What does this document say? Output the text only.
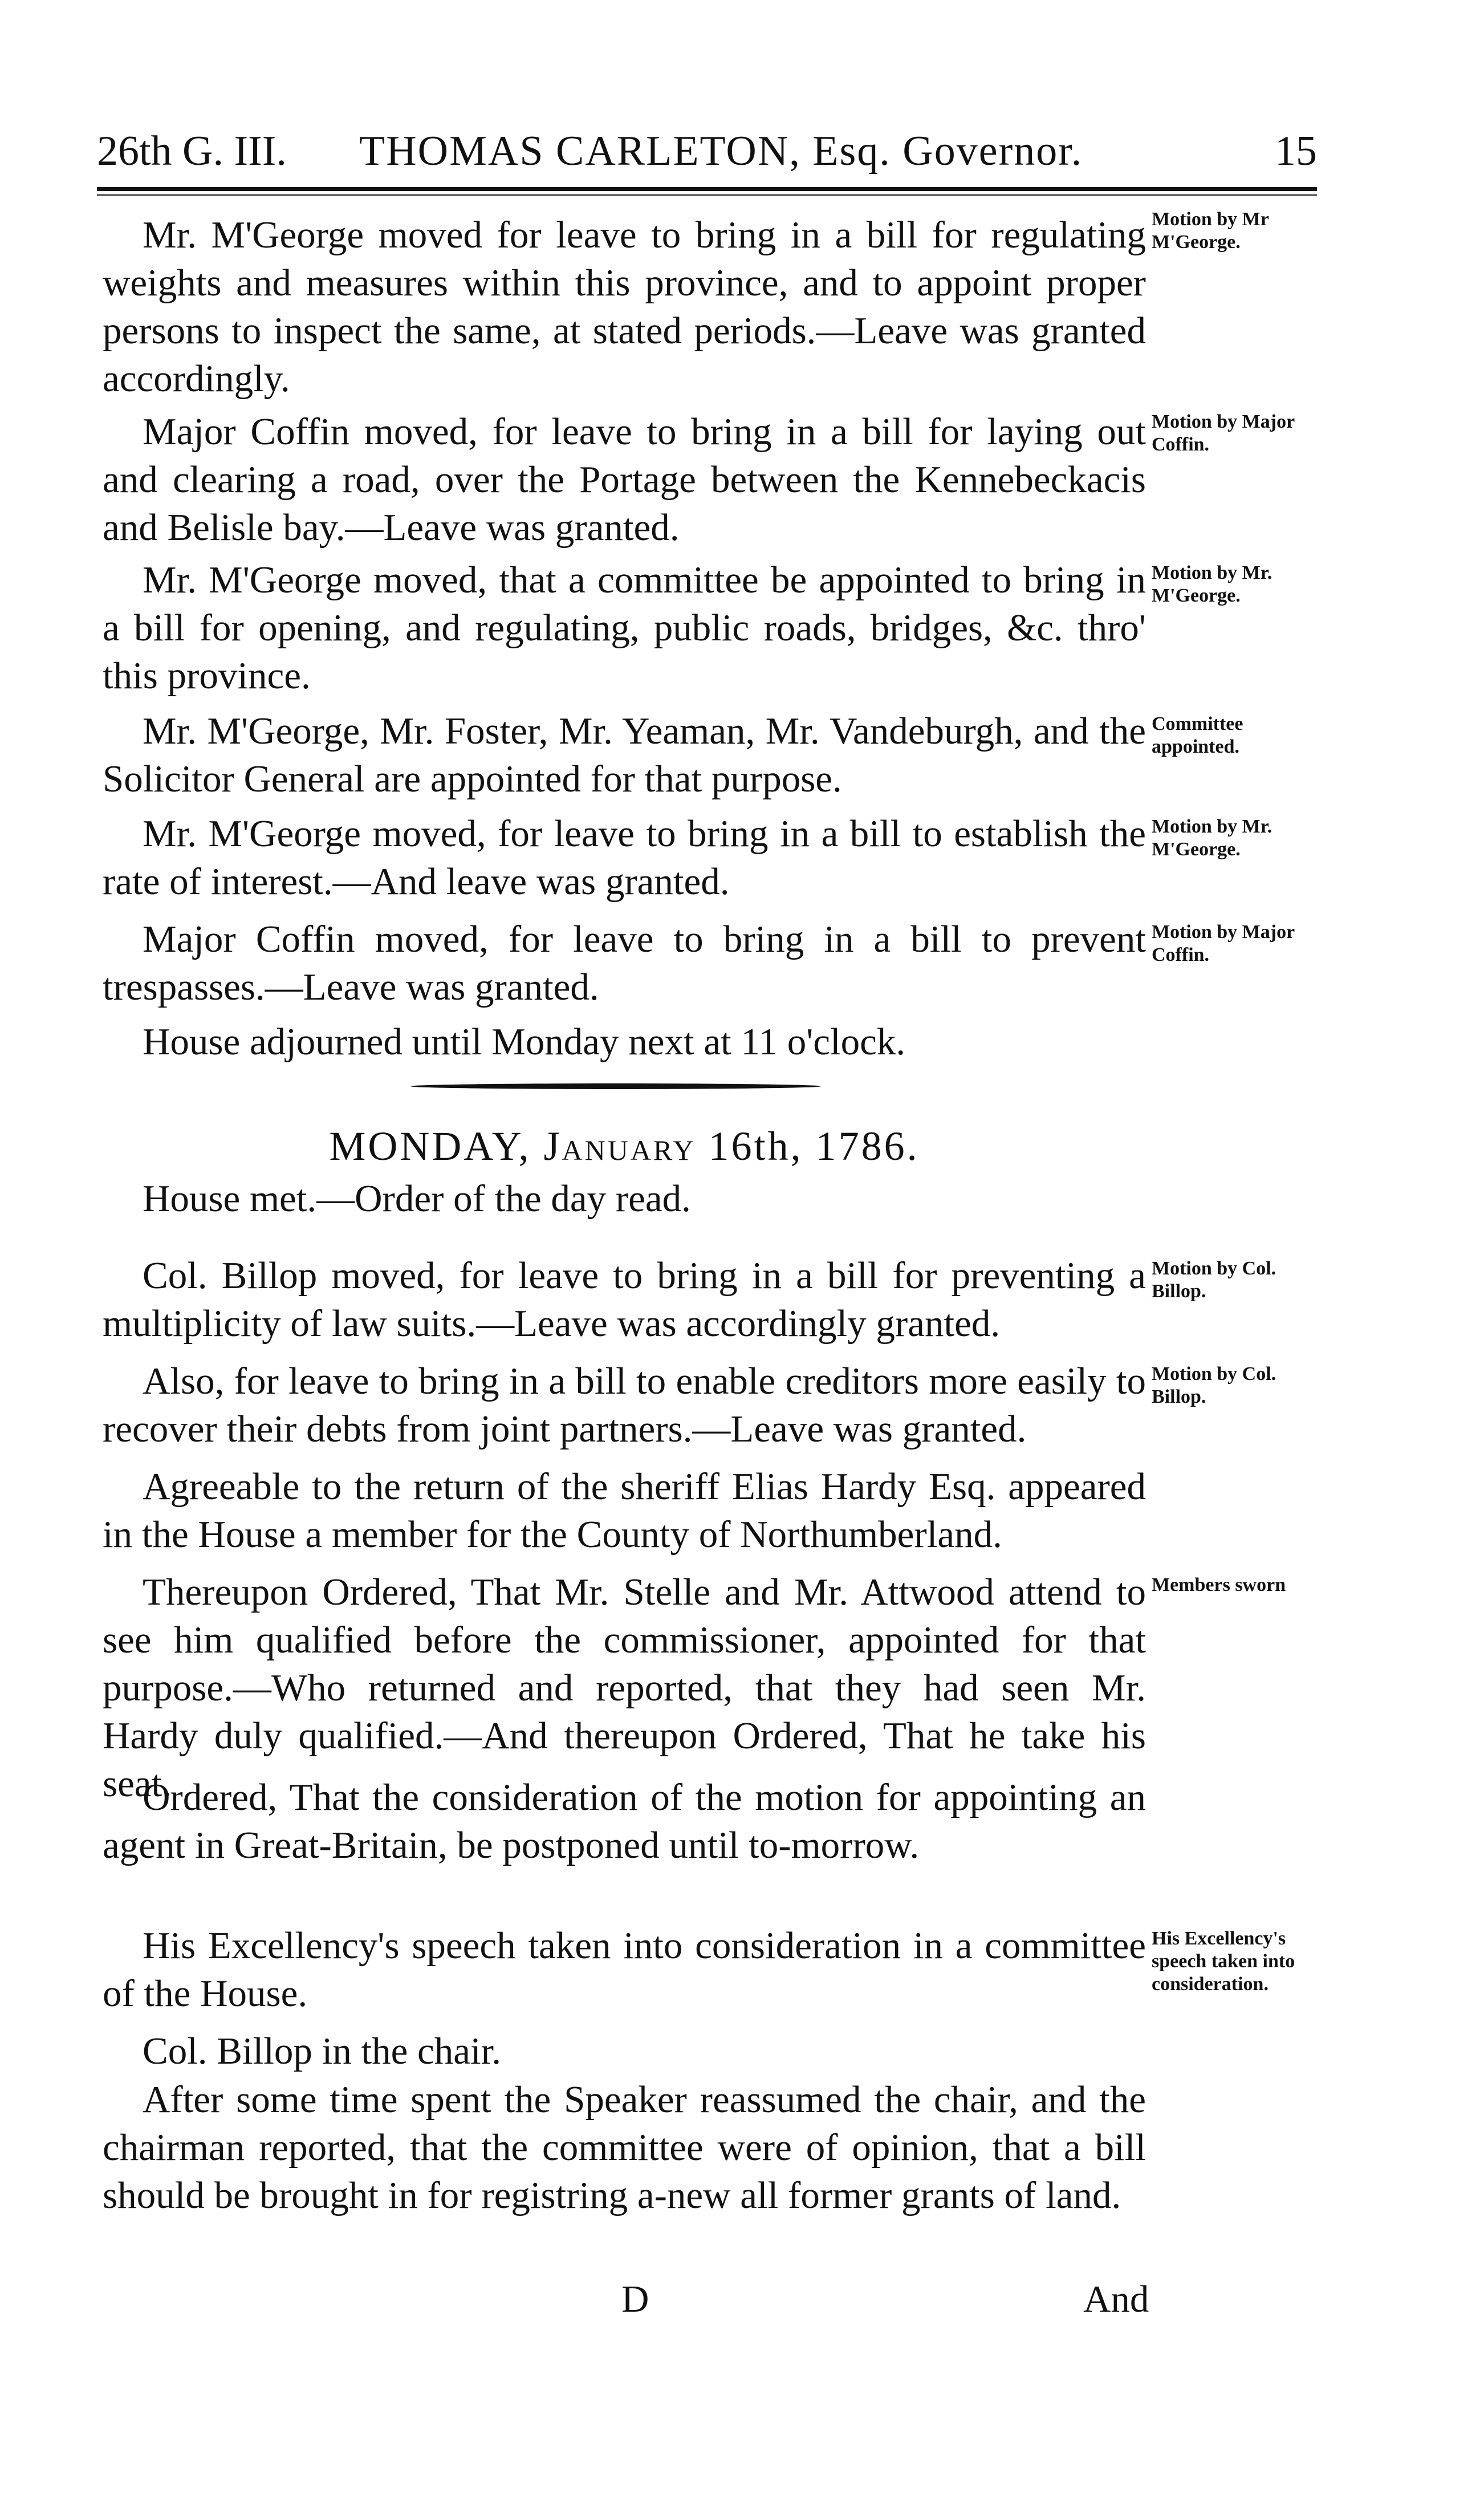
26th G. III. THOMAS CARLETON, Esq. Governor.	15

Mr. M'George moved for leave to bring in a bill for regulating weights and measures within this province, and to appoint proper persons to inspect the same, at stated periods.—Leave was granted accordingly.

Major Coffin moved, for leave to bring in a bill for laying out and clearing a road, over the Portage between the Kennebeckacis and Belisle bay.—Leave was granted.

Mr. M'George moved, that a committee be appointed to bring in a bill for opening, and regulating, public roads, bridges, &c. thro' this province.

Mr. M'George, Mr. Foster, Mr. Yeaman, Mr. Vandeburgh, and the Solicitor General are appointed for that purpose.

Mr. M'George moved, for leave to bring in a bill to establish the rate of interest.—And leave was granted.

Major Coffin moved, for leave to bring in a bill to prevent trespasses.—Leave was granted.

House adjourned until Monday next at 11 o'clock.

MONDAY, January 16th, 1786.

House met.—Order of the day read.

Col. Billop moved, for leave to bring in a bill for preventing a multiplicity of law suits.—Leave was accordingly granted.

Also, for leave to bring in a bill to enable creditors more easily to recover their debts from joint partners.—Leave was granted.

Agreeable to the return of the sheriff Elias Hardy Esq. appeared in the House a member for the County of Northumberland.

Thereupon Ordered, That Mr. Stelle and Mr. Attwood attend to see him qualified before the commissioner, appointed for that purpose.—Who returned and reported, that they had seen Mr. Hardy duly qualified.—And thereupon Ordered, That he take his seat.

Ordered, That the consideration of the motion for appointing an agent in Great-Britain, be postponed until to-morrow.

His Excellency's speech taken into consideration in a committee of the House.

Col. Billop in the chair.

After some time spent the Speaker reassumed the chair, and the chairman reported, that the committee were of opinion, that a bill should be brought in for registring a-new all former grants of land.

Motion by Mr M'George.
Motion by Major Coffin.
Motion by Mr. M'George.
Committee appointed.
Motion by Mr. M'George.
Motion by Major Coffin.
Motion by Col. Billop.
Motion by Col. Billop.
Members sworn
His Excellency's speech taken into consideration.
D	And
